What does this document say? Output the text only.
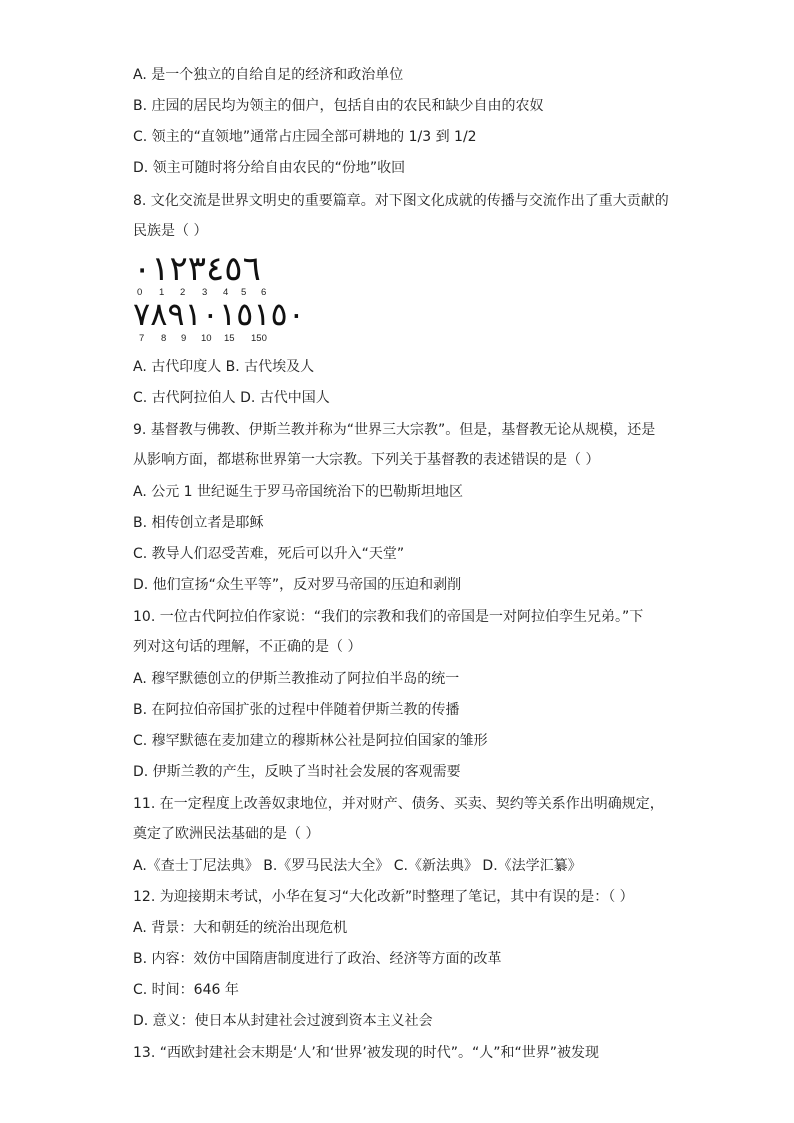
A. 是一个独立的自给自足的经济和政治单位
B. 庄园的居民均为领主的佃户，包括自由的农民和缺少自由的农奴
C. 领主的“直领地”通常占庄园全部可耕地的 1/3 到 1/2
D. 领主可随时将分给自由农民的“份地”收回
8. 文化交流是世界文明史的重要篇章。对下图文化成就的传播与交流作出了重大贡献的
民族是（ ）
٠١٢٣٤٥٦
0 1 2 3 4 5 6
٧٨٩١٠١٥١٥٠
7 8 9 10 15 150
A. 古代印度人 B. 古代埃及人
C. 古代阿拉伯人 D. 古代中国人
9. 基督教与佛教、伊斯兰教并称为“世界三大宗教”。但是，基督教无论从规模，还是
从影响方面，都堪称世界第一大宗教。下列关于基督教的表述错误的是（ ）
A. 公元 1 世纪诞生于罗马帝国统治下的巴勒斯坦地区
B. 相传创立者是耶稣
C. 教导人们忍受苦难，死后可以升入“天堂”
D. 他们宣扬“众生平等”，反对罗马帝国的压迫和剥削
10. 一位古代阿拉伯作家说：“我们的宗教和我们的帝国是一对阿拉伯孪生兄弟。”下
列对这句话的理解，不正确的是（ ）
A. 穆罕默德创立的伊斯兰教推动了阿拉伯半岛的统一
B. 在阿拉伯帝国扩张的过程中伴随着伊斯兰教的传播
C. 穆罕默德在麦加建立的穆斯林公社是阿拉伯国家的雏形
D. 伊斯兰教的产生，反映了当时社会发展的客观需要
11. 在一定程度上改善奴隶地位，并对财产、债务、买卖、契约等关系作出明确规定，
奠定了欧洲民法基础的是（ ）
A.《查士丁尼法典》 B.《罗马民法大全》 C.《新法典》 D.《法学汇纂》
12. 为迎接期末考试，小华在复习“大化改新”时整理了笔记，其中有误的是：（ ）
A. 背景：大和朝廷的统治出现危机
B. 内容：效仿中国隋唐制度进行了政治、经济等方面的改革
C. 时间：646 年
D. 意义：使日本从封建社会过渡到资本主义社会
13. “西欧封建社会末期是‘人’和‘世界’被发现的时代”。“人”和“世界”被发现
